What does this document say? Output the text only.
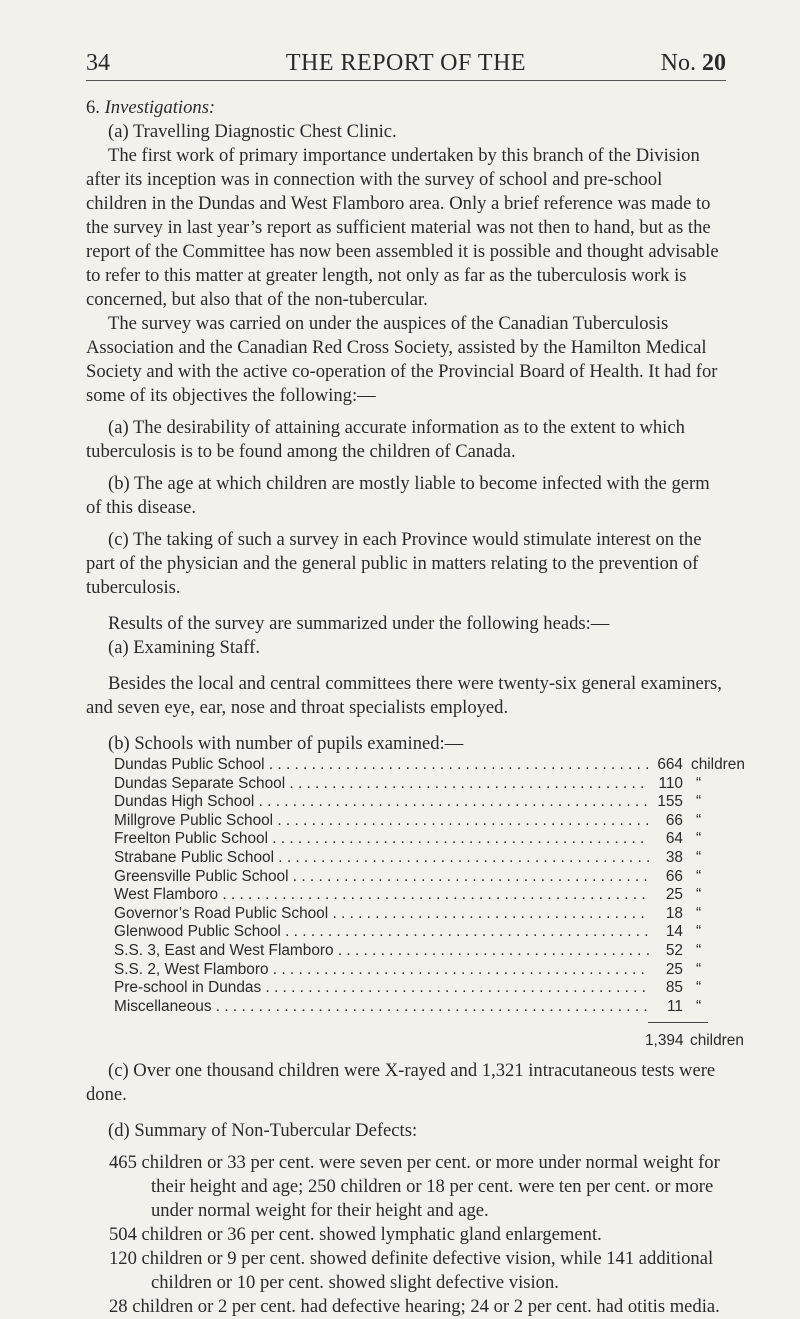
34	THE REPORT OF THE	No. 20

6. Investigations:

(a) Travelling Diagnostic Chest Clinic.

The first work of primary importance undertaken by this branch of the Division after its inception was in connection with the survey of school and pre-school children in the Dundas and West Flamboro area. Only a brief reference was made to the survey in last year’s report as sufficient material was not then to hand, but as the report of the Committee has now been assembled it is possible and thought advisable to refer to this matter at greater length, not only as far as the tuberculosis work is concerned, but also that of the non-tubercular.

The survey was carried on under the auspices of the Canadian Tuberculosis Association and the Canadian Red Cross Society, assisted by the Hamilton Medical Society and with the active co-operation of the Provincial Board of Health. It had for some of its objectives the following:—

(a) The desirability of attaining accurate information as to the extent to which tuberculosis is to be found among the children of Canada.

(b) The age at which children are mostly liable to become infected with the germ of this disease.

(c) The taking of such a survey in each Province would stimulate interest on the part of the physician and the general public in matters relating to the prevention of tuberculosis.

Results of the survey are summarized under the following heads:—

(a) Examining Staff.

Besides the local and central committees there were twenty-six general examiners, and seven eye, ear, nose and throat specialists employed.

(b) Schools with number of pupils examined:—

Dundas Public School . . .	664 children
Dundas Separate School . . .	110 “
Dundas High School . . .	155 “
Millgrove Public School . . .	66 “
Freelton Public School . . .	64 “
Strabane Public School . . .	38 “
Greensville Public School . . .	66 “
West Flamboro . . .	25 “
Governor’s Road Public School . . .	18 “
Glenwood Public School . . .	14 “
S.S. 3, East and West Flamboro . . .	52 “
S.S. 2, West Flamboro . . .	25 “
Pre-school in Dundas . . .	85 “
Miscellaneous . . .	11 “
1,394 children

(c) Over one thousand children were X-rayed and 1,321 intracutaneous tests were done.

(d) Summary of Non-Tubercular Defects:

465 children or 33 per cent. were seven per cent. or more under normal weight for their height and age; 250 children or 18 per cent. were ten per cent. or more under normal weight for their height and age.

504 children or 36 per cent. showed lymphatic gland enlargement.

120 children or 9 per cent. showed definite defective vision, while 141 additional children or 10 per cent. showed slight defective vision.

28 children or 2 per cent. had defective hearing; 24 or 2 per cent. had otitis media.
